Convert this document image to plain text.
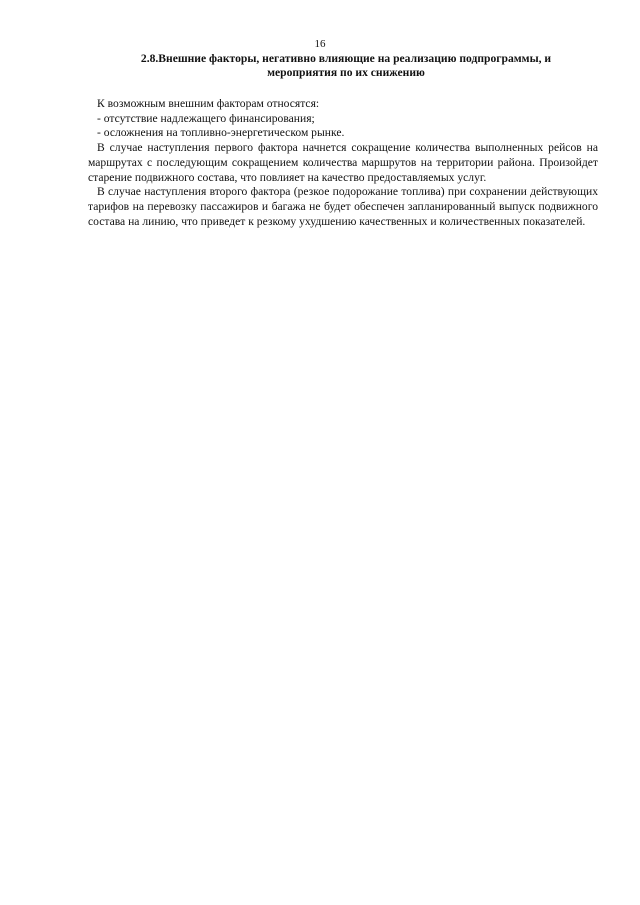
16
2.8.Внешние факторы, негативно влияющие на реализацию подпрограммы, и
мероприятия по их снижению

К возможным внешним факторам относятся:

- отсутствие надлежащего финансирования;

- осложнения на топливно-энергетическом рынке.

В случае наступления первого фактора начнется сокращение количества выполненных рейсов на маршрутах с последующим сокращением количества маршрутов на территории района. Произойдет старение подвижного состава, что повлияет на качество предоставляемых услуг.

В случае наступления второго фактора (резкое подорожание топлива) при сохранении действующих тарифов на перевозку пассажиров и багажа не будет обеспечен запланированный выпуск подвижного состава на линию, что приведет к резкому ухудшению качественных и количественных показателей.
